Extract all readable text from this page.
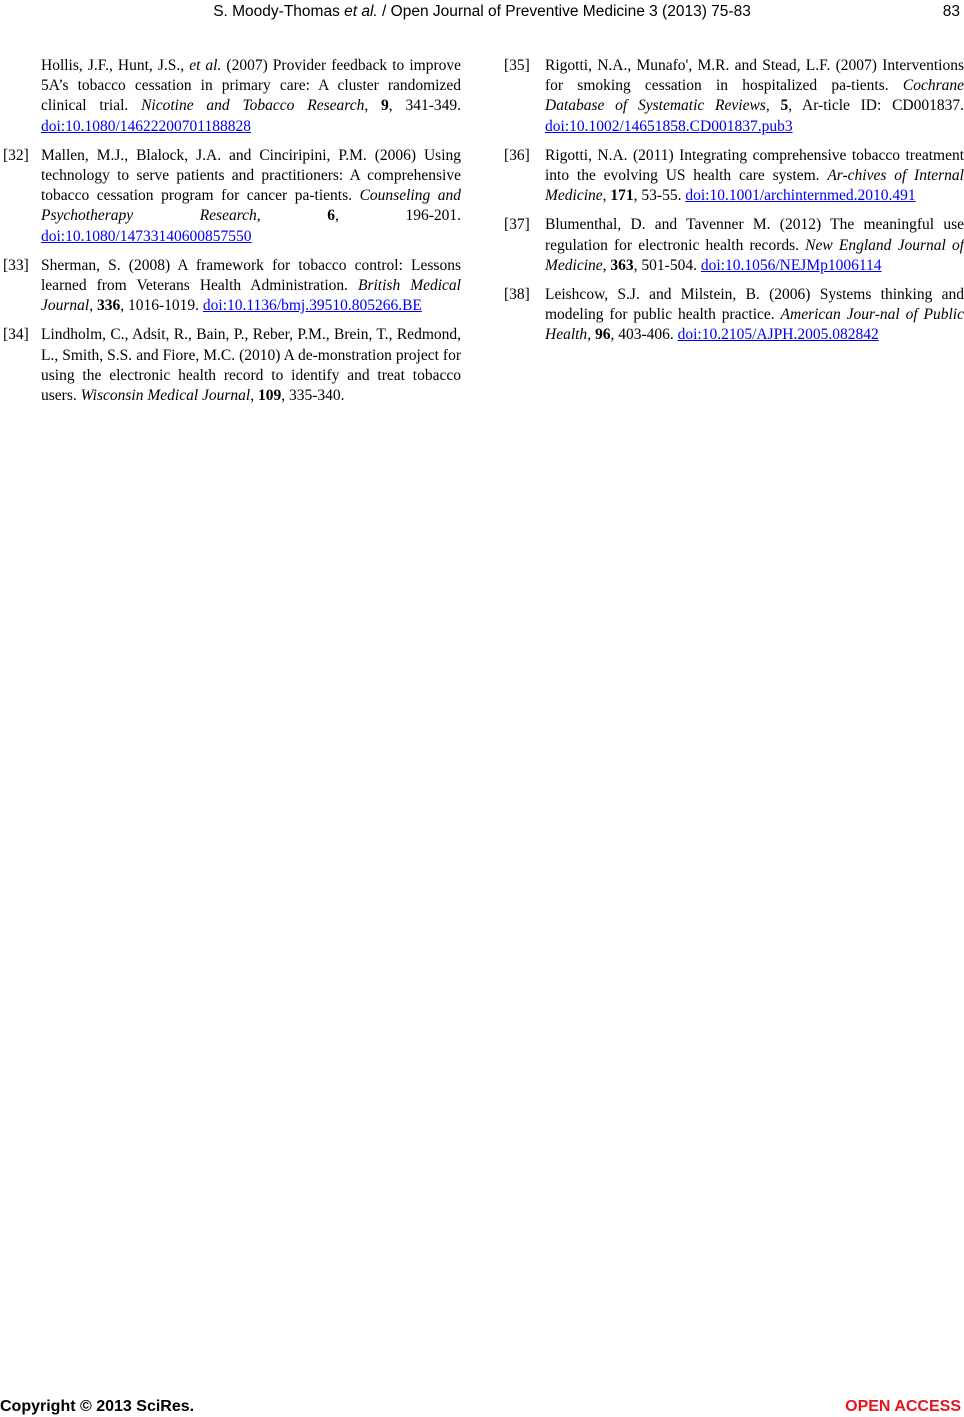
S. Moody-Thomas et al. / Open Journal of Preventive Medicine 3 (2013) 75-83	83
Hollis, J.F., Hunt, J.S., et al. (2007) Provider feedback to improve 5A’s tobacco cessation in primary care: A cluster randomized clinical trial. Nicotine and Tobacco Research, 9, 341-349. doi:10.1080/14622200701188828
[32] Mallen, M.J., Blalock, J.A. and Cinciripini, P.M. (2006) Using technology to serve patients and practitioners: A comprehensive tobacco cessation program for cancer pa-tients. Counseling and Psychotherapy Research, 6, 196-201. doi:10.1080/14733140600857550
[33] Sherman, S. (2008) A framework for tobacco control: Lessons learned from Veterans Health Administration. British Medical Journal, 336, 1016-1019. doi:10.1136/bmj.39510.805266.BE
[34] Lindholm, C., Adsit, R., Bain, P., Reber, P.M., Brein, T., Redmond, L., Smith, S.S. and Fiore, M.C. (2010) A de-monstration project for using the electronic health record to identify and treat tobacco users. Wisconsin Medical Journal, 109, 335-340.
[35] Rigotti, N.A., Munafo', M.R. and Stead, L.F. (2007) Interventions for smoking cessation in hospitalized pa-tients. Cochrane Database of Systematic Reviews, 5, Ar-ticle ID: CD001837. doi:10.1002/14651858.CD001837.pub3
[36] Rigotti, N.A. (2011) Integrating comprehensive tobacco treatment into the evolving US health care system. Ar-chives of Internal Medicine, 171, 53-55. doi:10.1001/archinternmed.2010.491
[37] Blumenthal, D. and Tavenner M. (2012) The meaningful use regulation for electronic health records. New England Journal of Medicine, 363, 501-504. doi:10.1056/NEJMp1006114
[38] Leishcow, S.J. and Milstein, B. (2006) Systems thinking and modeling for public health practice. American Jour-nal of Public Health, 96, 403-406. doi:10.2105/AJPH.2005.082842
Copyright © 2013 SciRes.	OPEN ACCESS
